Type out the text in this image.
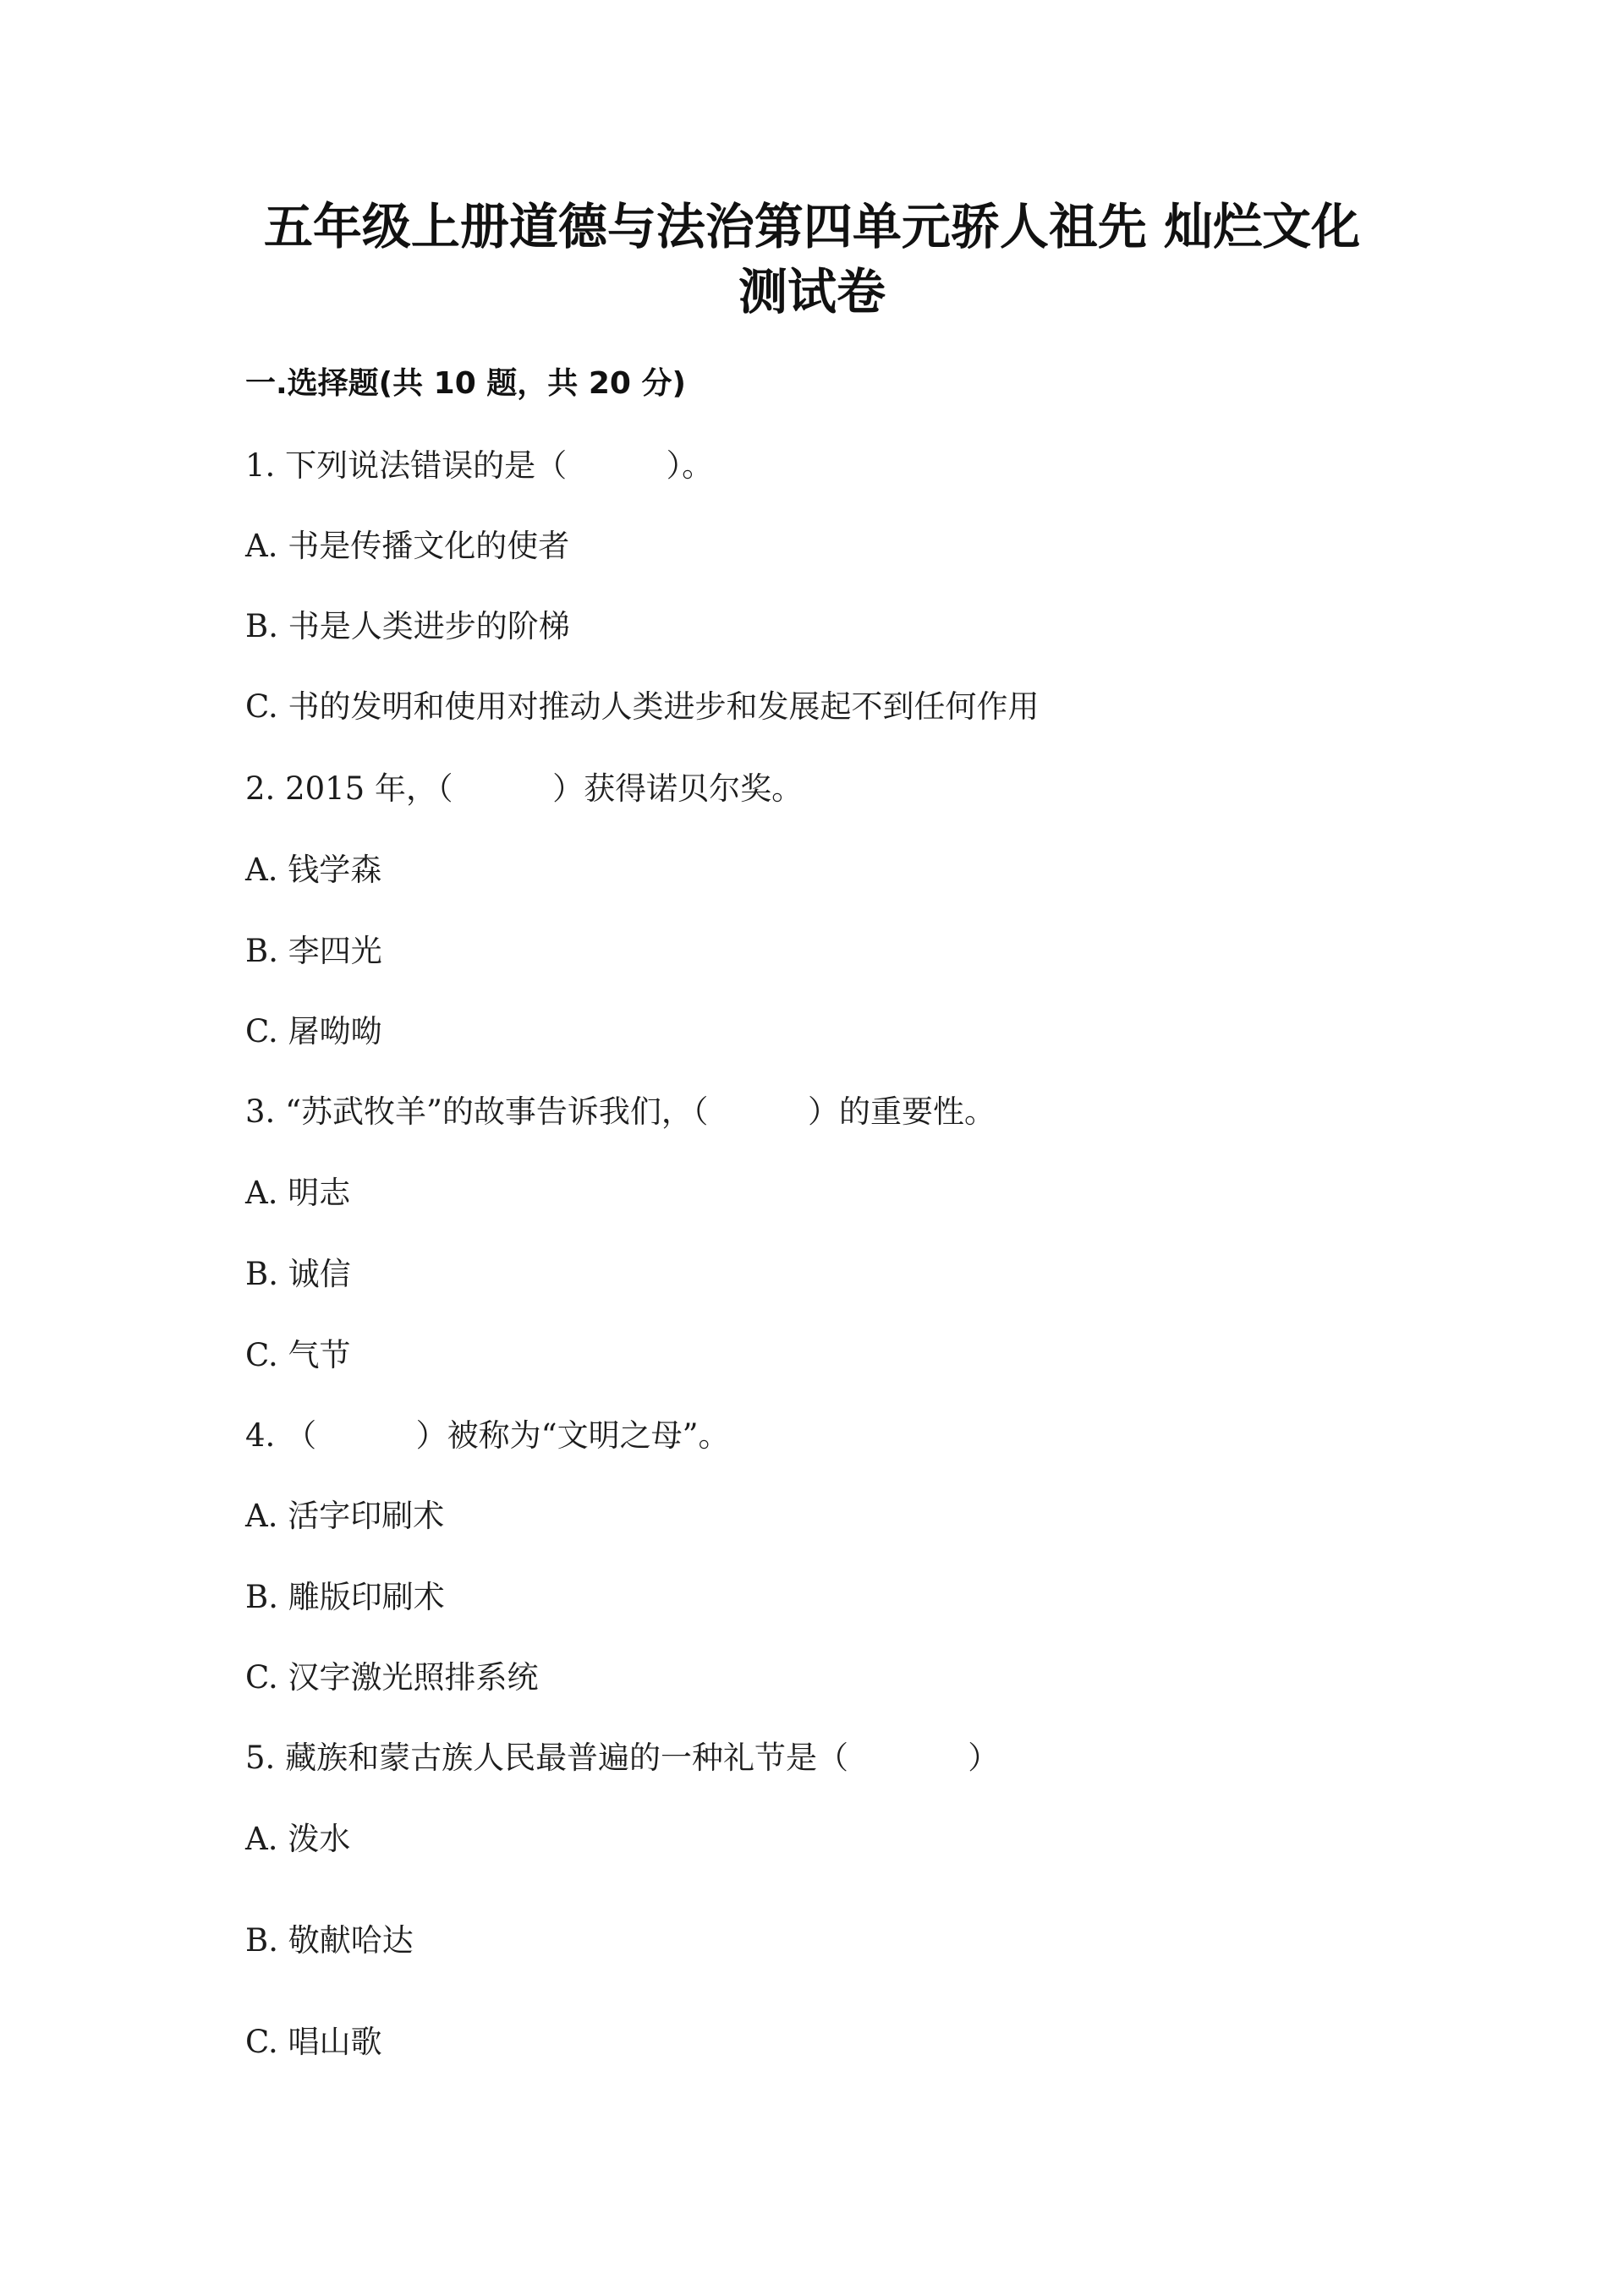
五年级上册道德与法治第四单元骄人祖先 灿烂文化
测试卷
一.选择题(共 10 题，共 20 分)

1. 下列说法错误的是（          ）。

A. 书是传播文化的使者

B. 书是人类进步的阶梯

C. 书的发明和使用对推动人类进步和发展起不到任何作用

2. 2015 年，（          ）获得诺贝尔奖。

A. 钱学森

B. 李四光

C. 屠呦呦

3. “苏武牧羊”的故事告诉我们，（          ）的重要性。

A. 明志

B. 诚信

C. 气节

4. （          ）被称为“文明之母”。

A. 活字印刷术

B. 雕版印刷术

C. 汉字激光照排系统

5. 藏族和蒙古族人民最普遍的一种礼节是（            ）

A. 泼水

B. 敬献哈达

C. 唱山歌
